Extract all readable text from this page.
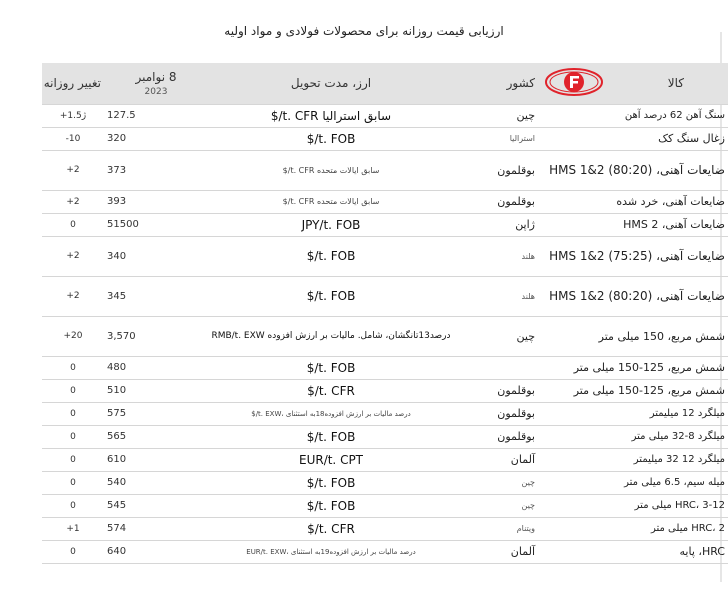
ارزیابی قیمت روزانه برای محصولات فولادی و مواد اولیه
تغییر روزانه	8 نوامبر
2023	ارز، مدت تحویل	کشور	کالا

+1.5ژ	127.5	$/t. CFR سابق استرالیا	چین	سنگ آهن 62 درصد آهن
-10	320	$/t. FOB	استرالیا	زغال سنگ کک
+2	373	$/t. CFR سابق ایالات متحده	بوقلمون	ضایعات آهنی، HMS 1&2 (80:20)
+2	393	$/t. CFR سابق ایالات متحده	بوقلمون	ضایعات آهنی، خرد شده
0	51500	JPY/t. FOB	ژاپن	ضایعات آهنی، HMS 2
+2	340	$/t. FOB	هلند	ضایعات آهنی، HMS 1&2 (75:25)
+2	345	$/t. FOB	هلند	ضایعات آهنی، HMS 1&2 (80:20)
+20	3,570	RMB/t. EXW درصد13تانگشان، شامل. مالیات بر ارزش افزوده	چین	شمش مربع، 150 میلی متر
0	480	$/t. FOB		شمش مربع، 125-150 میلی متر
0	510	$/t. CFR	بوقلمون	شمش مربع، 125-150 میلی متر
0	575	$/t. EXW، درصد مالیات بر ارزش افزوده18به استثنای	بوقلمون	میلگرد 12 میلیمتر
0	565	$/t. FOB	بوقلمون	میلگرد 8-32 میلی متر
0	610	EUR/t. CPT	آلمان	میلگرد 12 32 میلیمتر
0	540	$/t. FOB	چین	میله سیم، 6.5 میلی متر
0	545	$/t. FOB	چین	HRC، 3-12 میلی متر
+1	574	$/t. CFR	ویتنام	HRC، 2 میلی متر
0	640	EUR/t. EXW، درصد مالیات بر ارزش افزوده19به استثنای	آلمان	HRC، پایه
